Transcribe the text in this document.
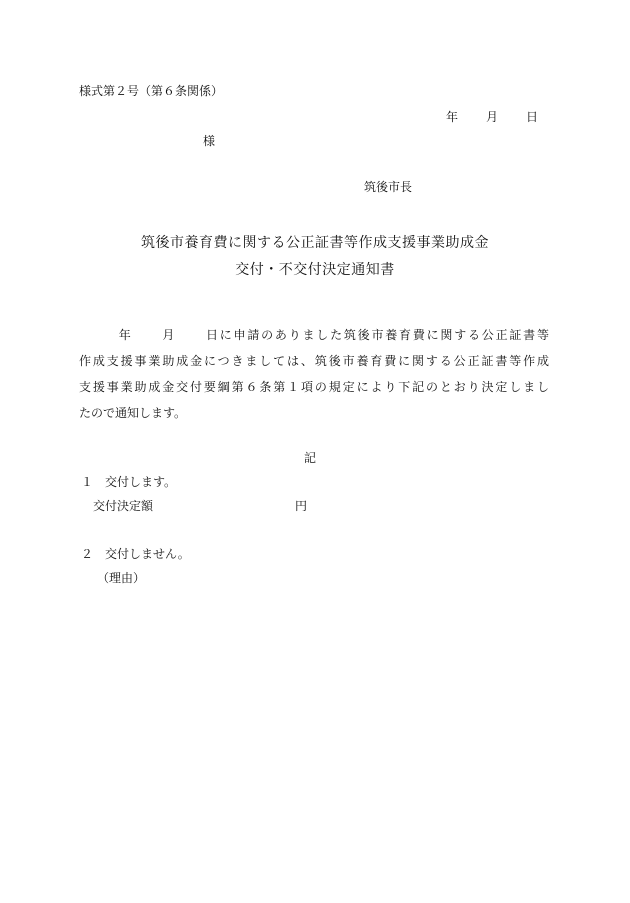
様式第２号（第６条関係）
年 月 日
様
筑後市長
筑後市養育費に関する公正証書等作成支援事業助成金
交付・不交付決定通知書
年 月 日に申請のありました筑後市養育費に関する公正証書等
作成支援事業助成金につきましては、筑後市養育費に関する公正証書等作成
支援事業助成金交付要綱第６条第１項の規定により下記のとおり決定しまし
たので通知します。
記
１ 交付します。
交付決定額	円
２ 交付しません。
（理由）
